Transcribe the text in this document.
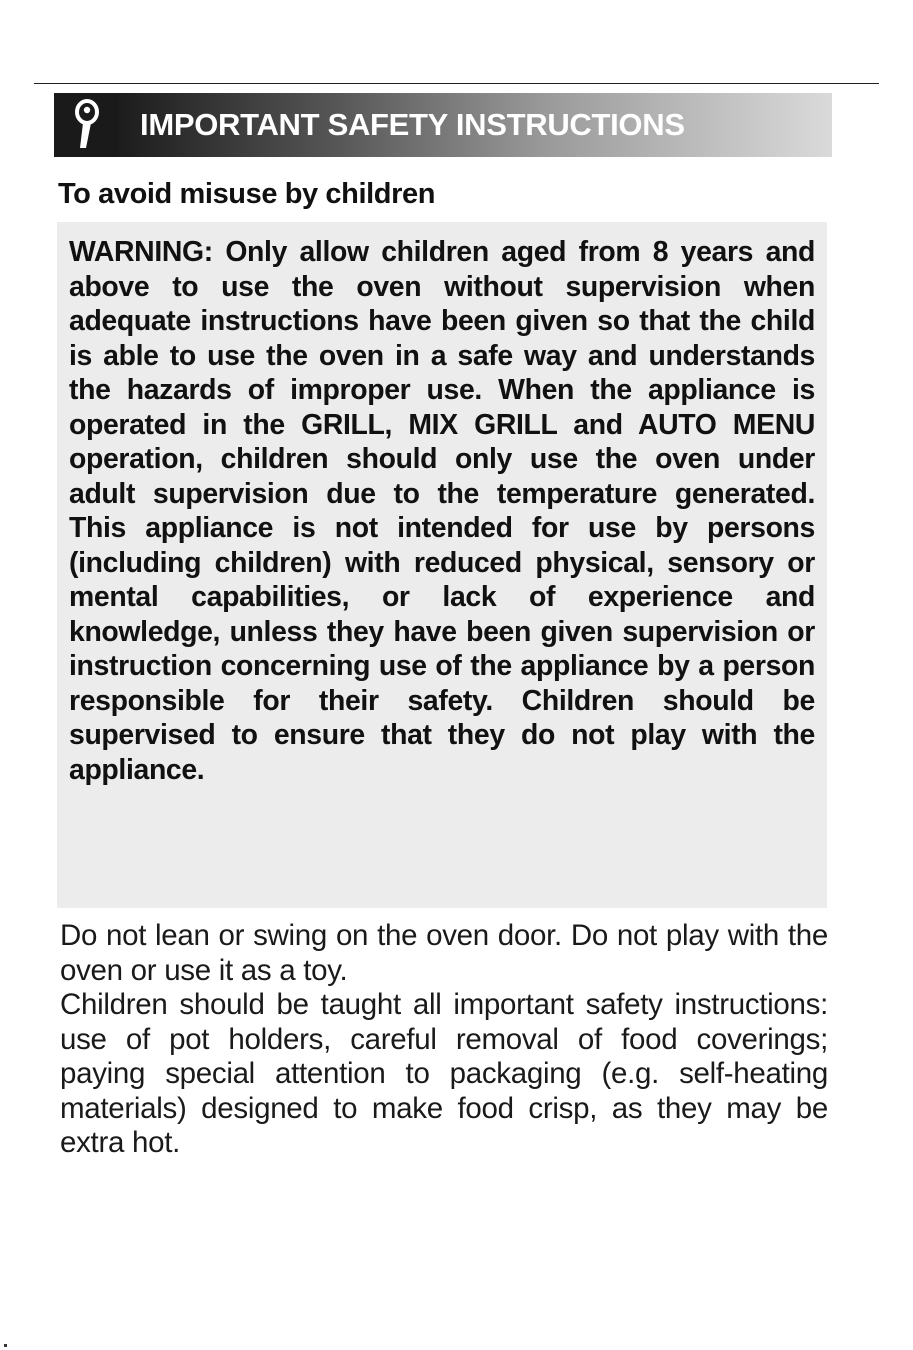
IMPORTANT SAFETY INSTRUCTIONS
To avoid misuse by children

WARNING: Only allow children aged from 8 years and above to use the oven without supervision when adequate instructions have been given so that the child is able to use the oven in a safe way and understands the hazards of improper use. When the appliance is operated in the GRILL, MIX GRILL and AUTO MENU operation, children should only use the oven under adult supervision due to the temperature generated. This appliance is not intended for use by persons (including children) with reduced physical, sensory or mental capabilities, or lack of experience and knowledge, unless they have been given supervision or instruction concerning use of the appliance by a person responsible for their safety. Children should be supervised to ensure that they do not play with the appliance.

Do not lean or swing on the oven door. Do not play with the oven or use it as a toy.

Children should be taught all important safety instructions: use of pot holders, careful removal of food coverings; paying special attention to packaging (e.g. self-heating materials) designed to make food crisp, as they may be extra hot.
